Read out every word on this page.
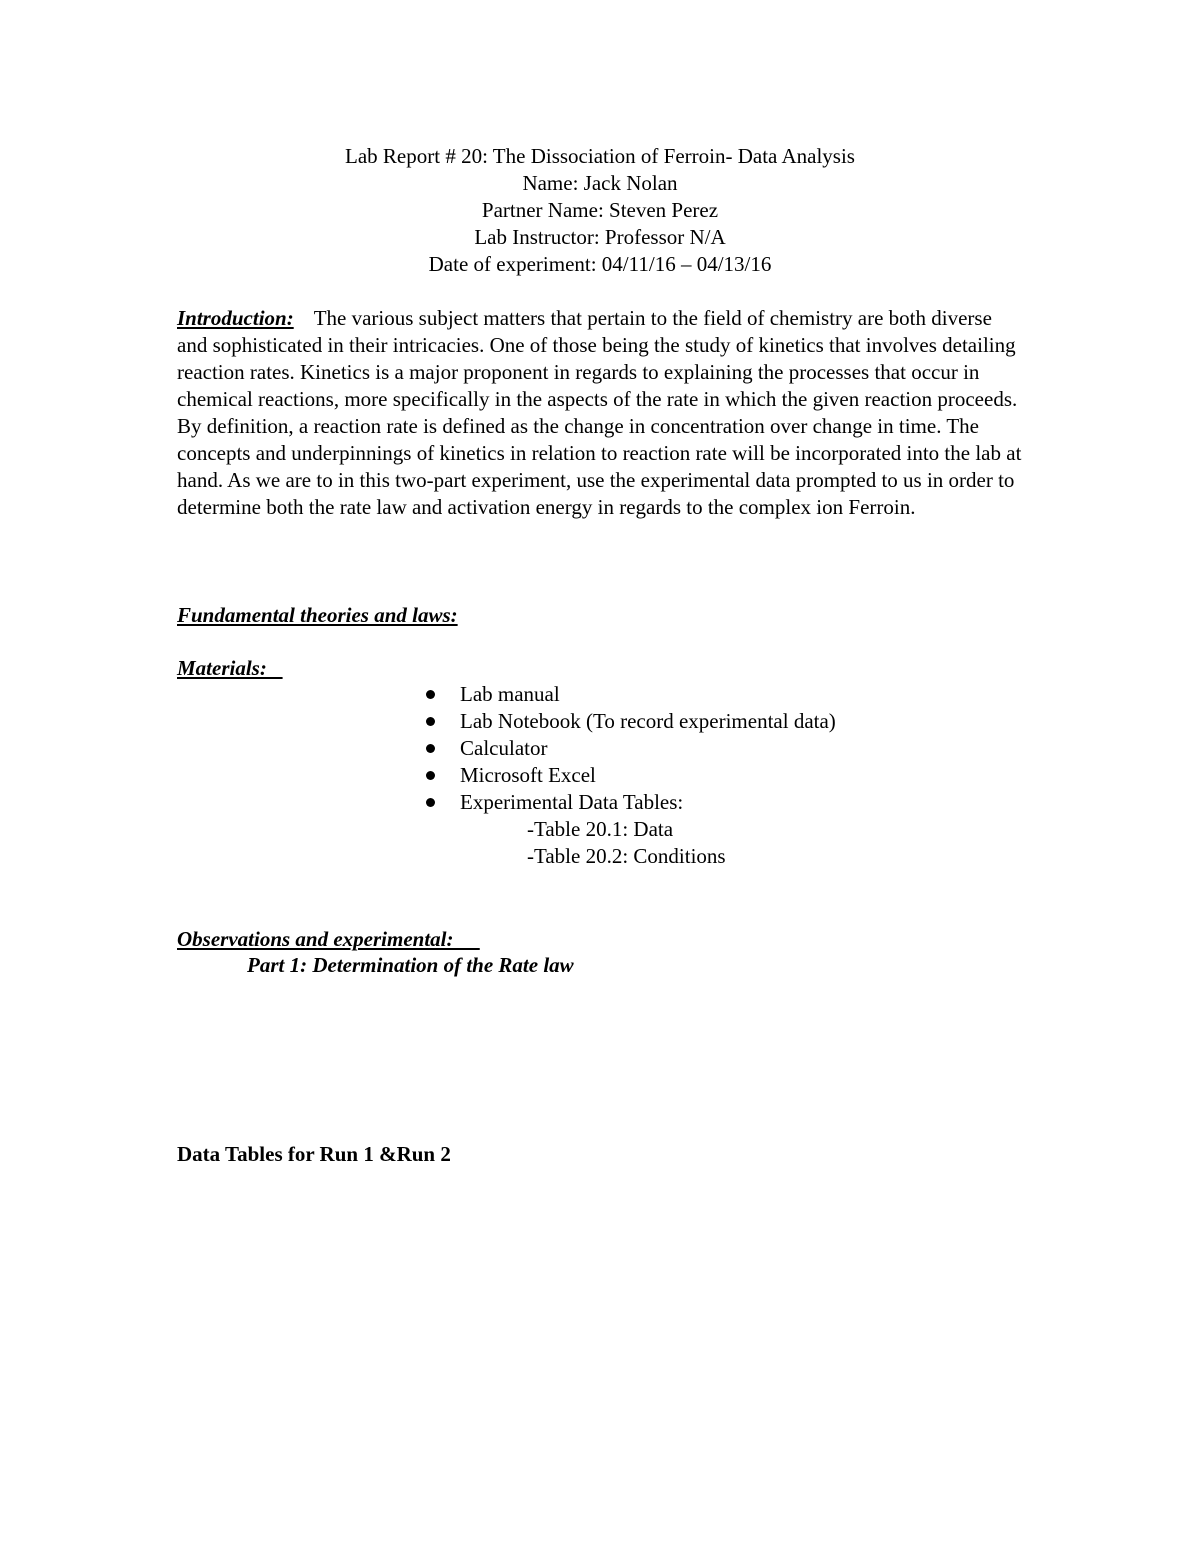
Lab Report # 20: The Dissociation of Ferroin- Data Analysis
Name: Jack Nolan
Partner Name: Steven Perez
Lab Instructor: Professor N/A
Date of experiment: 04/11/16 – 04/13/16
Introduction: The various subject matters that pertain to the field of chemistry are both diverse and sophisticated in their intricacies. One of those being the study of kinetics that involves detailing reaction rates. Kinetics is a major proponent in regards to explaining the processes that occur in chemical reactions, more specifically in the aspects of the rate in which the given reaction proceeds. By definition, a reaction rate is defined as the change in concentration over change in time. The concepts and underpinnings of kinetics in relation to reaction rate will be incorporated into the lab at hand. As we are to in this two-part experiment, use the experimental data prompted to us in order to determine both the rate law and activation energy in regards to the complex ion Ferroin.
Fundamental theories and laws:
Materials:
Lab manual
Lab Notebook (To record experimental data)
Calculator
Microsoft Excel
Experimental Data Tables:
-Table 20.1: Data
-Table 20.2: Conditions
Observations and experimental:
Part 1: Determination of the Rate law
Data Tables for Run 1 &Run 2
